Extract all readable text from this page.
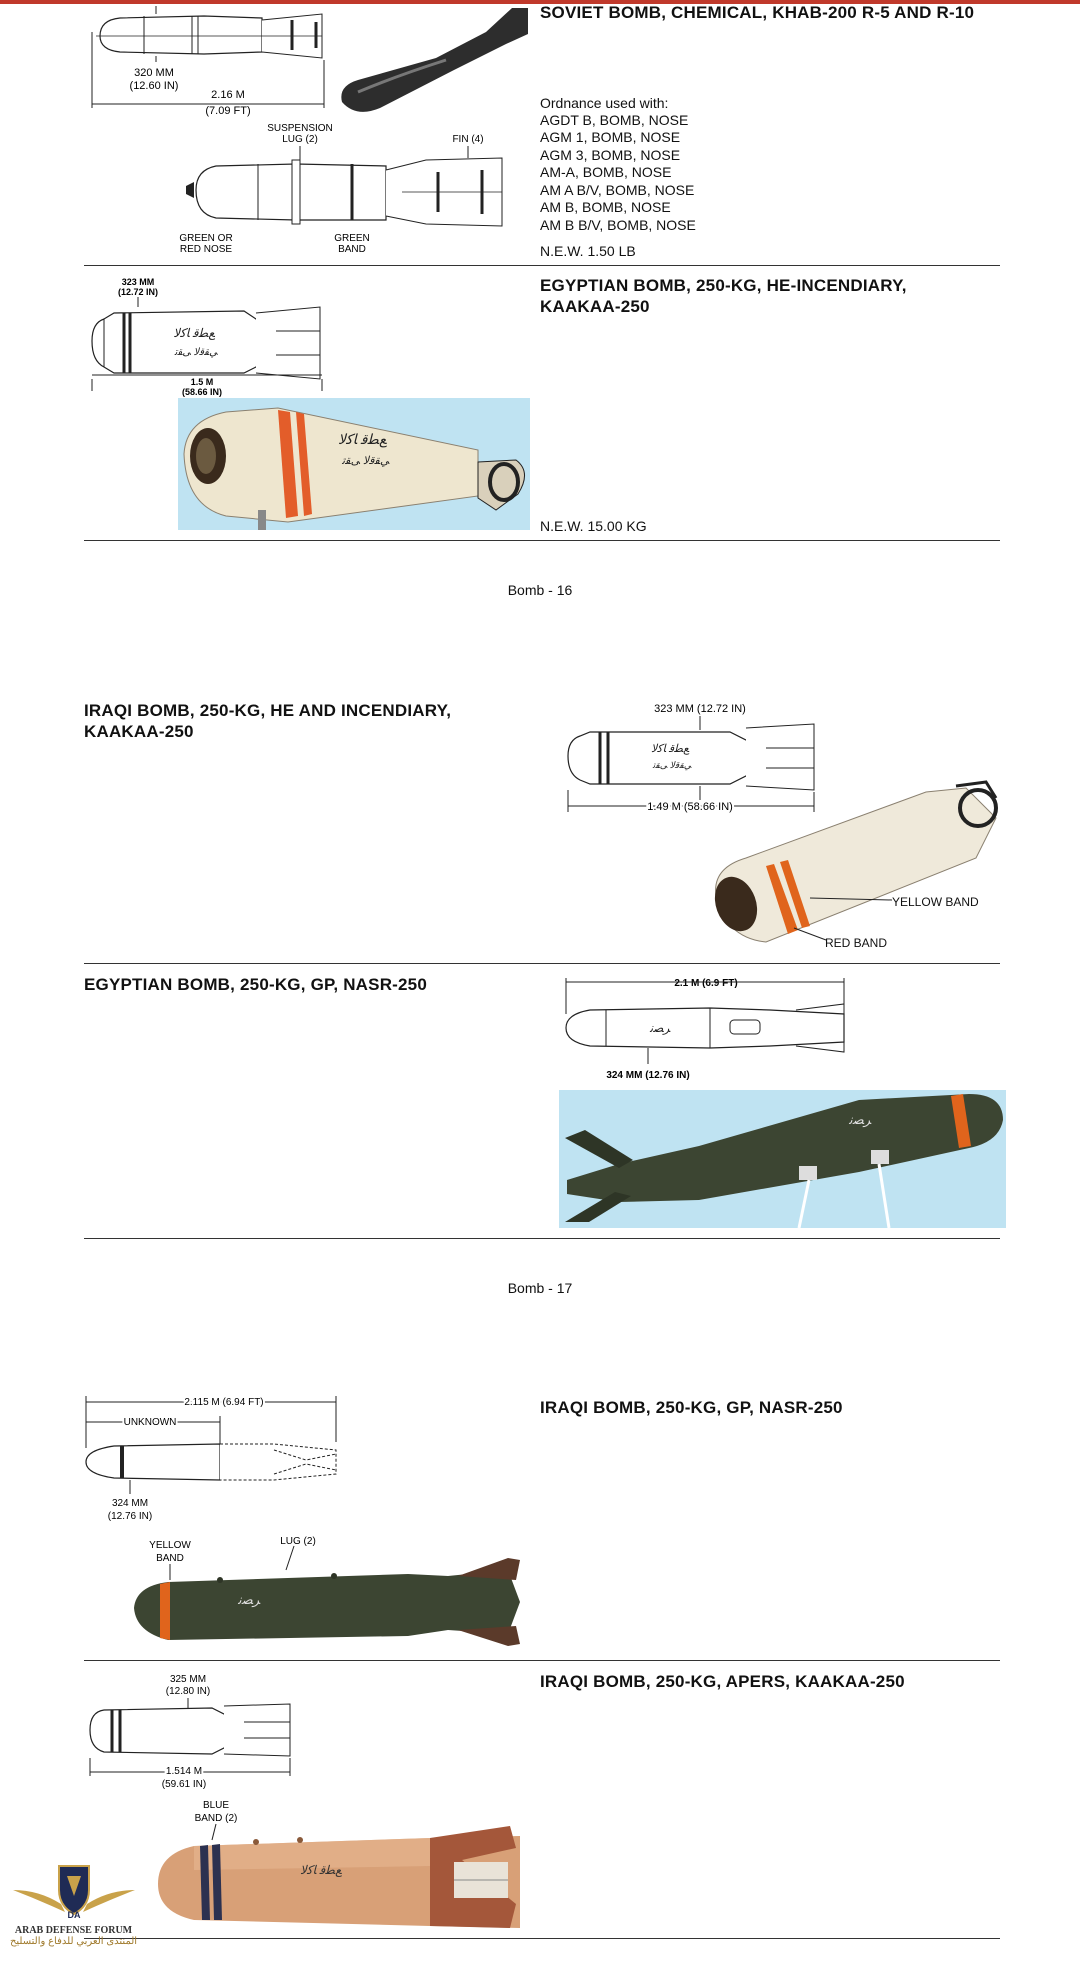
320 MM
(12.60 IN)
2.16 M
(7.09 FT)
SUSPENSION
LUG (2)	FIN (4)
GREEN OR
RED NOSE
GREEN
BAND
SOVIET BOMB, CHEMICAL, KHAB-200 R-5 AND R-10
Ordnance used with:
AGDT B, BOMB, NOSE
AGM 1, BOMB, NOSE
AGM 3, BOMB, NOSE
AM-A, BOMB, NOSE
AM A B/V, BOMB, NOSE
AM B, BOMB, NOSE
AM B B/V, BOMB, NOSE
N.E.W. 1.50 LB
323 MM
(12.72 IN)
ﻊﻄﻗ ﺎﻛﻻ
ﻲﻘﻗﻻ ﻰﻘﺗ
1.5 M
(58.66 IN)
ﻊﻄﻗ ﺎﻛﻻ
ﻲﻘﻗﻻ ﻰﻘﺗ
EGYPTIAN BOMB, 250-KG, HE-INCENDIARY,
KAAKAA-250
N.E.W. 15.00 KG
Bomb - 16
IRAQI BOMB, 250-KG, HE AND INCENDIARY,
KAAKAA-250
323 MM (12.72 IN)
ﻊﻄﻗ ﺎﻛﻻ
ﻲﻘﻗﻻ ﻰﻘﺗ
1.49 M (58.66 IN)
YELLOW BAND
RED BAND
EGYPTIAN BOMB, 250-KG, GP, NASR-250	2.1 M (6.9 FT)
ﺮﺼﻧ
324 MM (12.76 IN)
ﺮﺼﻧ
Bomb - 17
2.115 M (6.94 FT)
UNKNOWN
324 MM
(12.76 IN)
YELLOW
BAND
LUG (2)
ﺮﺼﻧ
IRAQI BOMB, 250-KG, GP, NASR-250
325 MM
(12.80 IN)
1.514 M
(59.61 IN)
BLUE
BAND (2)
ﻊﻄﻗ ﺎﻛﻻ
IRAQI BOMB, 250-KG, APERS, KAAKAA-250
DA
ARAB DEFENSE FORUM
المنتدى العربي للدفاع والتسليح
